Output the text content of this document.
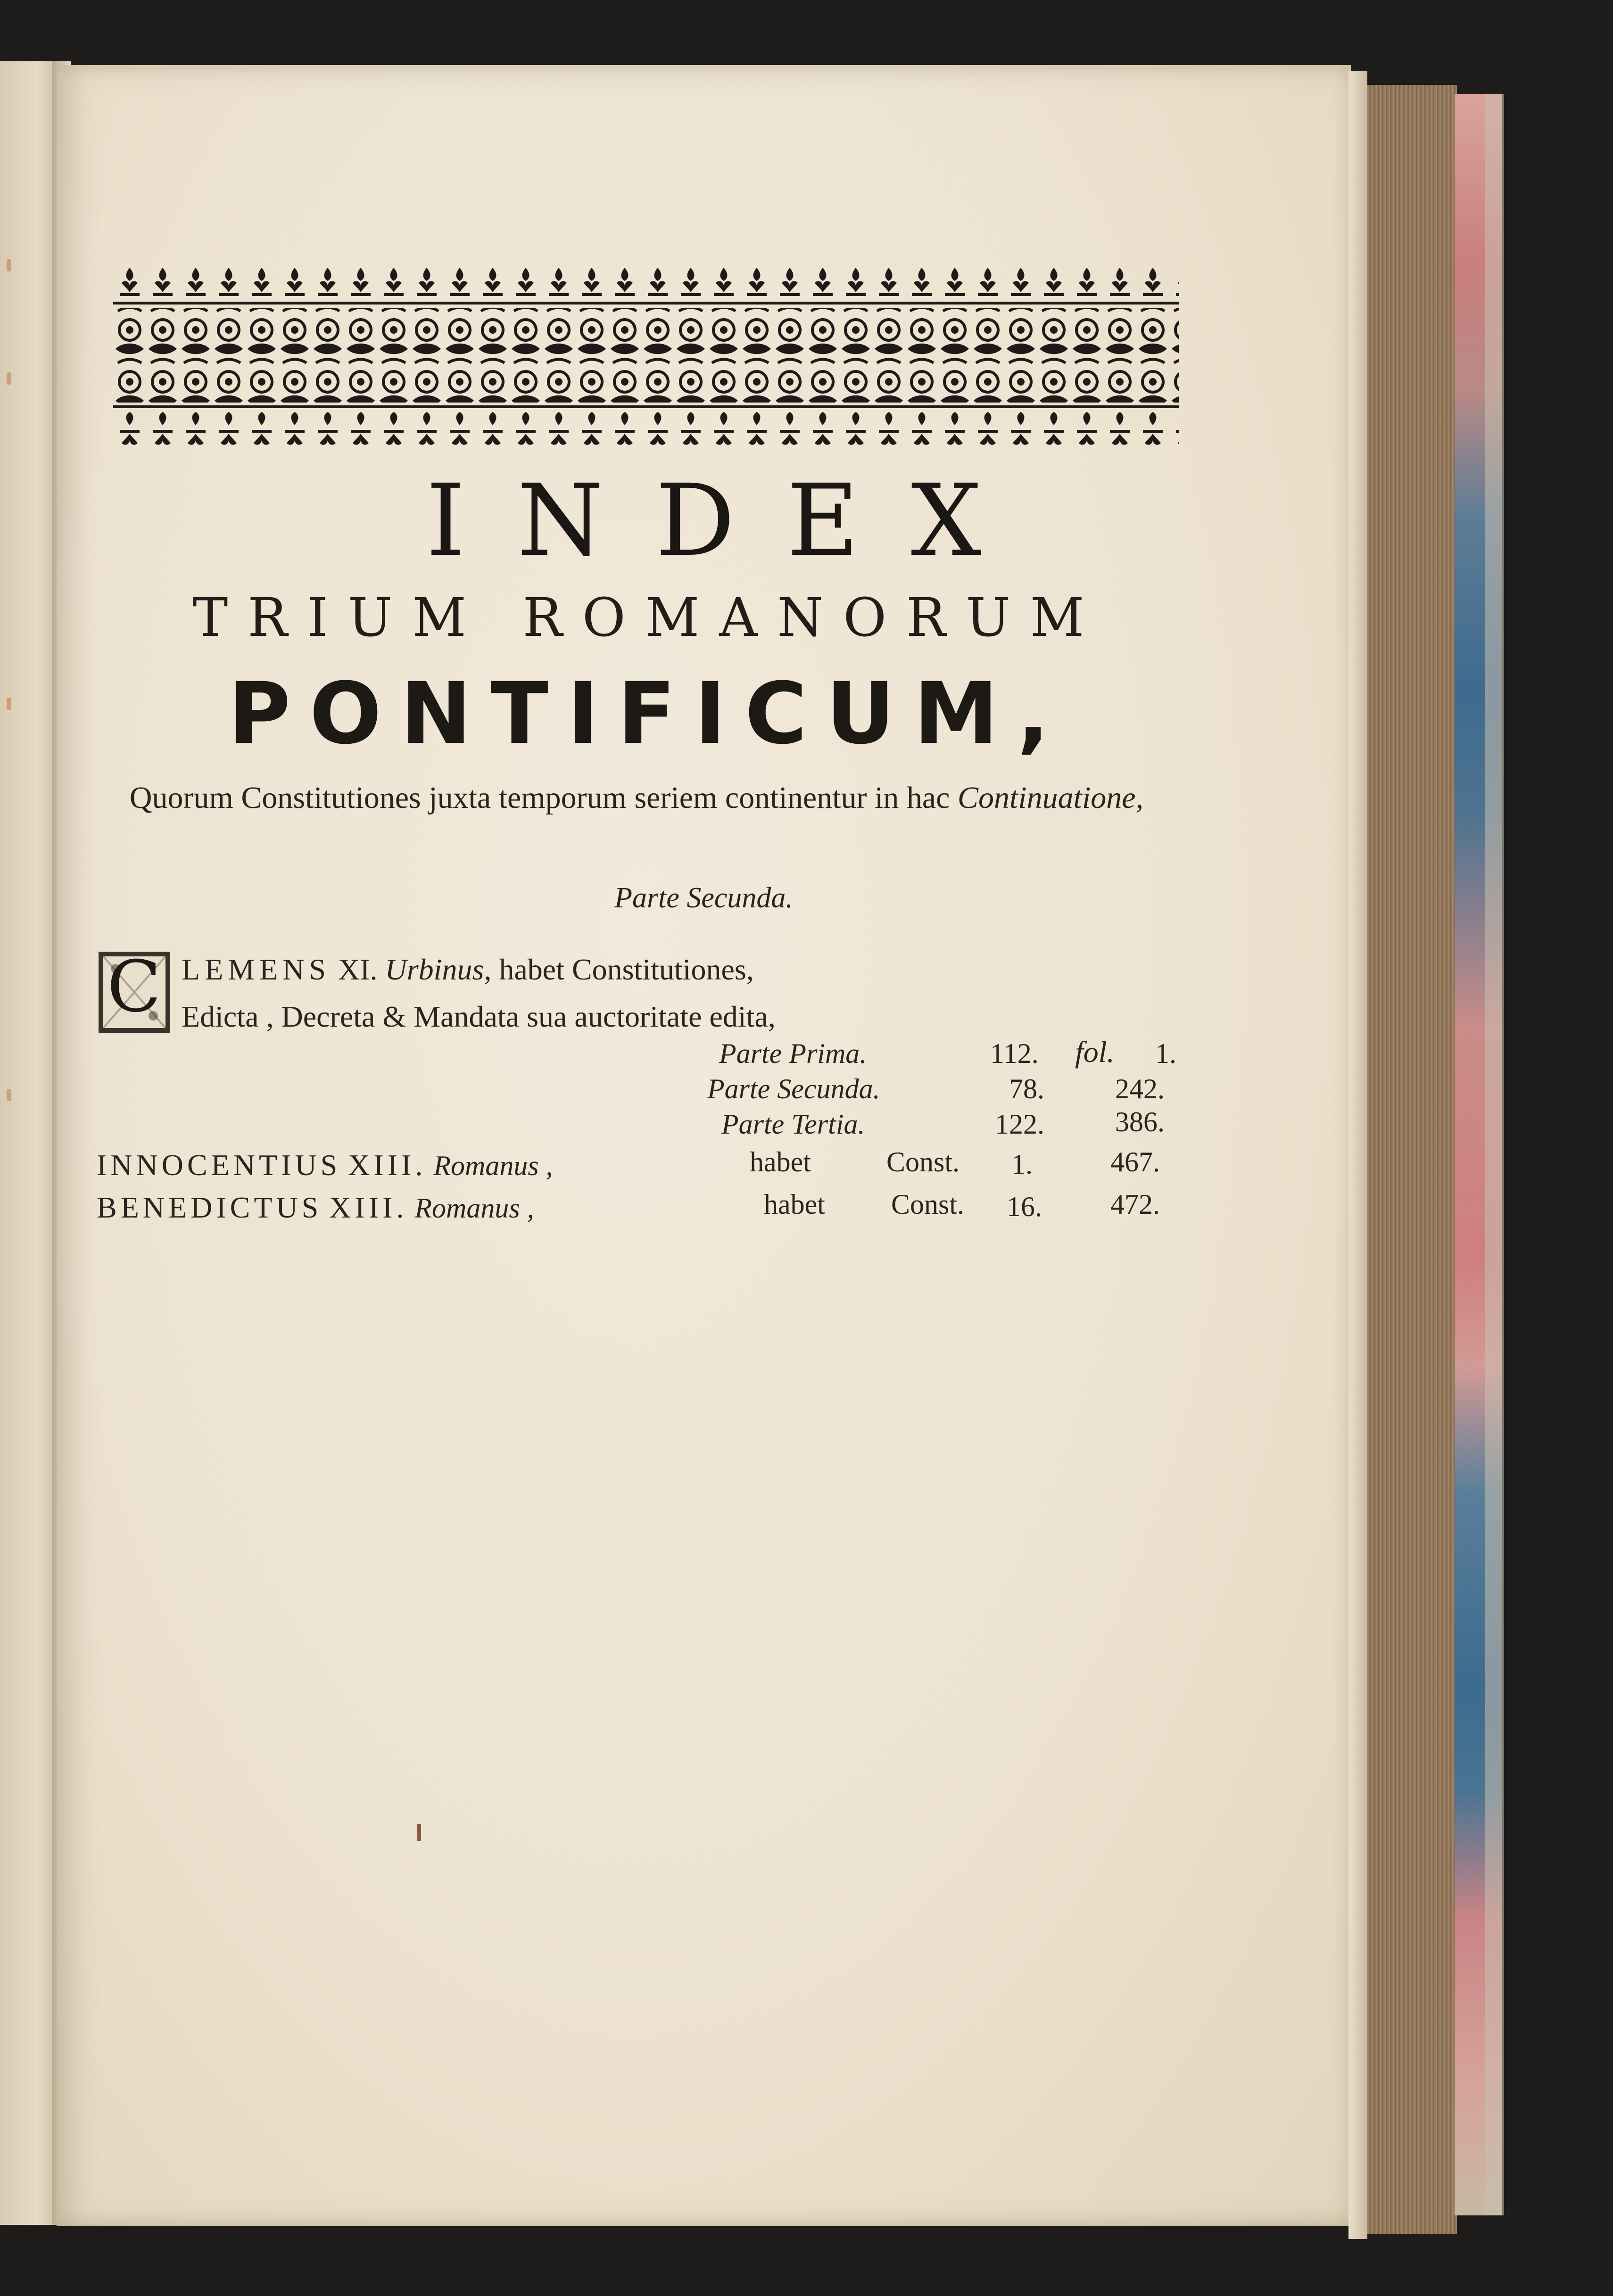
INDEX
TRIUM ROMANORUM
PONTIFICUM,
Quorum Constitutiones juxta temporum seriem continentur in hac Continuatione,
Parte Secunda.
C LEMENS XI. Urbinus, habet Constitutiones,
Edicta , Decreta & Mandata sua auctoritate edita,
Parte Prima.	112. fol. 1.
Parte Secunda.	78.	242.
Parte Tertia.	122.	386.
INNOCENTIUS XIII. Romanus ,	habet	Const. 1.	467.
BENEDICTUS XIII. Romanus ,	habet Const. 16. 472.
